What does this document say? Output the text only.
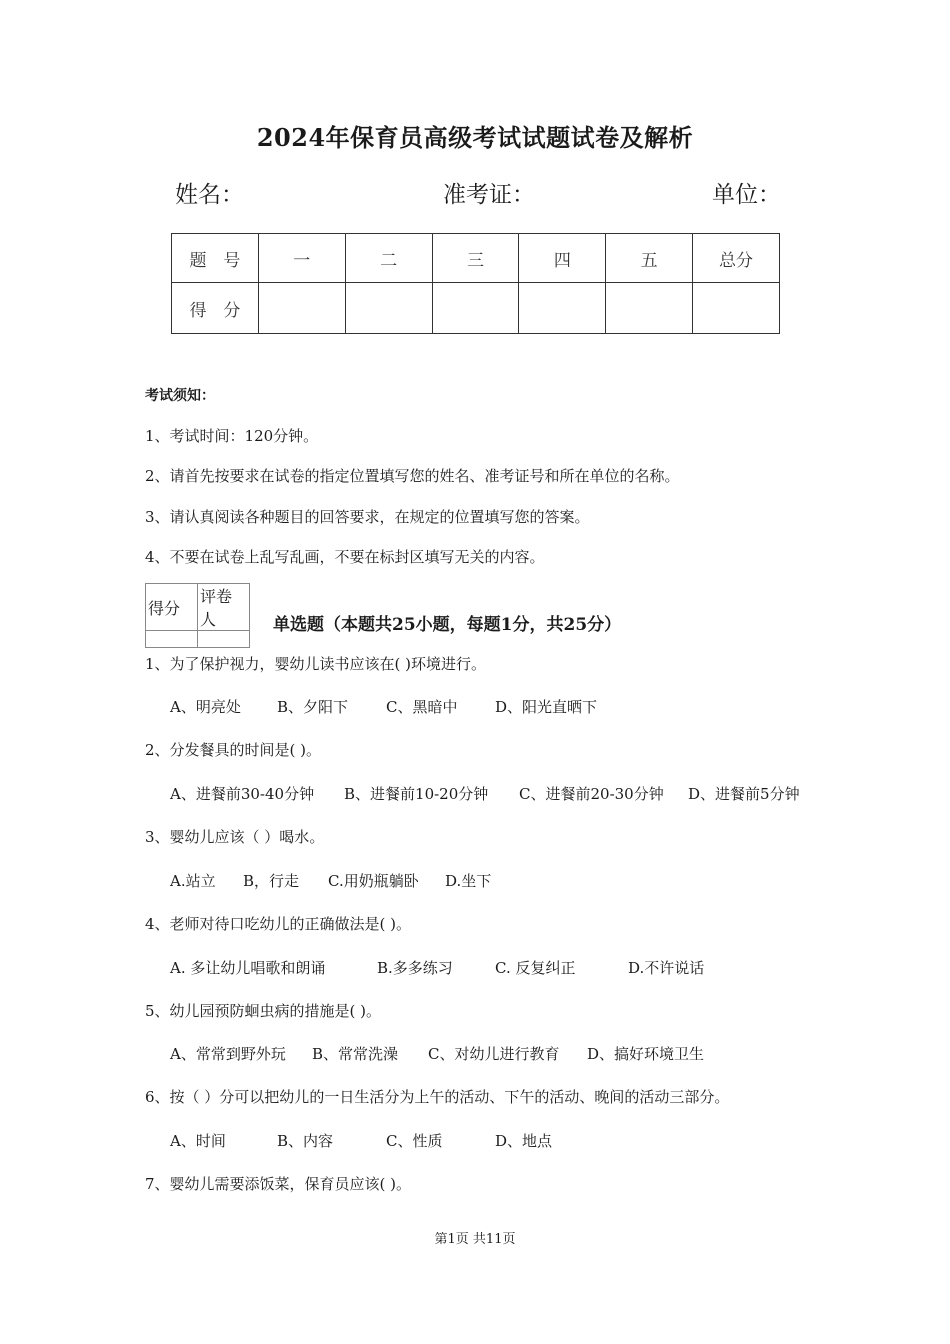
2024年保育员高级考试试题试卷及解析
姓名：	准考证：	单位：
题　号	一	二	三	四	五	总分
得　分						
考试须知：
1、考试时间：120分钟。
2、请首先按要求在试卷的指定位置填写您的姓名、准考证号和所在单位的名称。
3、请认真阅读各种题目的回答要求，在规定的位置填写您的答案。
4、不要在试卷上乱写乱画，不要在标封区填写无关的内容。
得分	评卷人
		单选题（本题共25小题，每题1分，共25分）
1、为了保护视力，婴幼儿读书应该在( )环境进行。
A、明亮处 B、夕阳下	C、黑暗中	D、阳光直晒下
2、分发餐具的时间是( )。
A、进餐前30-40分钟 B、进餐前10-20分钟 C、进餐前20-30分钟 D、进餐前5分钟
3、婴幼儿应该（ ）喝水。
A.站立 B，行走 C.用奶瓶躺卧 D.坐下
4、老师对待口吃幼儿的正确做法是( )。
A. 多让幼儿唱歌和朗诵	B.多多练习	C. 反复纠正	D.不许说话
5、幼儿园预防蛔虫病的措施是( )。
A、常常到野外玩 B、常常洗澡 C、对幼儿进行教育 D、搞好环境卫生
6、按（ ）分可以把幼儿的一日生活分为上午的活动、下午的活动、晚间的活动三部分。
A、时间	B、内容	C、性质	D、地点
7、婴幼儿需要添饭菜，保育员应该( )。
第1页 共11页
